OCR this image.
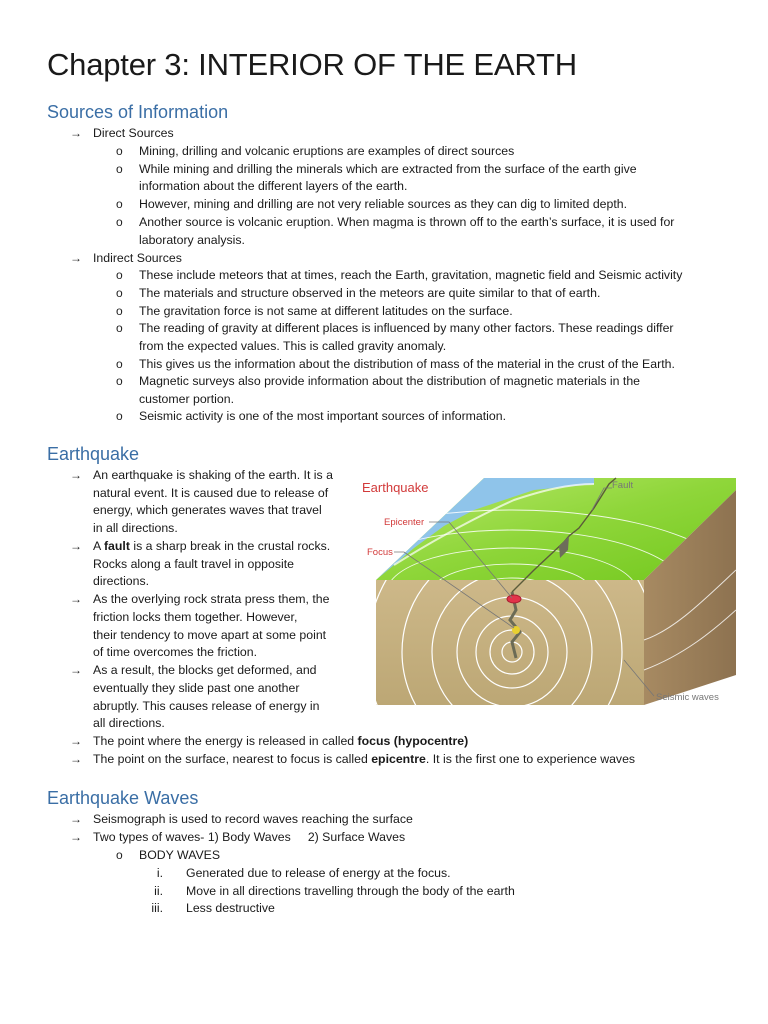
Chapter 3: INTERIOR OF THE EARTH
Sources of Information
→ Direct Sources
o Mining, drilling and volcanic eruptions are examples of direct sources
o While mining and drilling the minerals which are extracted from the surface of the earth give
information about the different layers of the earth.
o However, mining and drilling are not very reliable sources as they can dig to limited depth.
o Another source is volcanic eruption. When magma is thrown off to the earth’s surface, it is used for
laboratory analysis.
→ Indirect Sources
o These include meteors that at times, reach the Earth, gravitation, magnetic field and Seismic activity
o The materials and structure observed in the meteors are quite similar to that of earth.
o The gravitation force is not same at different latitudes on the surface.
o The reading of gravity at different places is influenced by many other factors. These readings differ
from the expected values. This is called gravity anomaly.
o This gives us the information about the distribution of mass of the material in the crust of the Earth.
o Magnetic surveys also provide information about the distribution of magnetic materials in the
customer portion.
o Seismic activity is one of the most important sources of information.
Earthquake
→ An earthquake is shaking of the earth. It is a
natural event. It is caused due to release of
energy, which generates waves that travel
in all directions.
→ A fault is a sharp break in the crustal rocks.
Rocks along a fault travel in opposite
directions.
→ As the overlying rock strata press them, the
friction locks them together. However,
their tendency to move apart at some point
of time overcomes the friction.
→ As a result, the blocks get deformed, and
eventually they slide past one another
abruptly. This causes release of energy in
all directions.
→ The point where the energy is released in called focus (hypocentre)
→ The point on the surface, nearest to focus is called epicentre. It is the first one to experience waves
Earthquake
Epicenter
Focus
Fault
Seismic waves
Earthquake Waves
→ Seismograph is used to record waves reaching the surface
→ Two types of waves- 1) Body Waves     2) Surface Waves
o BODY WAVES
i. Generated due to release of energy at the focus.
ii. Move in all directions travelling through the body of the earth
iii. Less destructive
